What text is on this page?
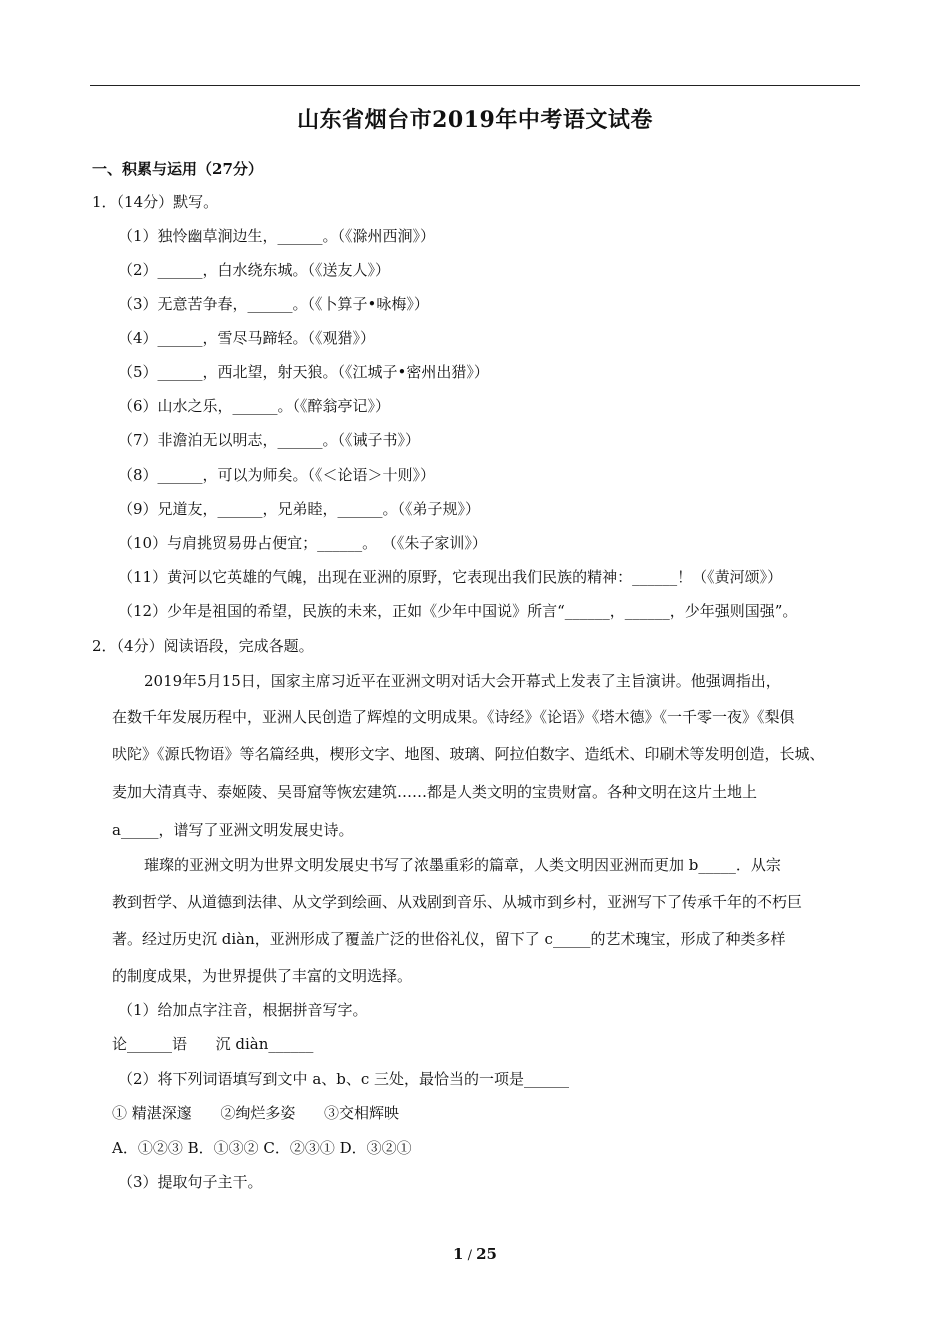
山东省烟台市2019年中考语文试卷
一、积累与运用（27分）
1．（14分）默写。
（1）独怜幽草涧边生，______。（《滁州西涧》）
（2）______，白水绕东城。（《送友人》）
（3）无意苦争春，______。（《卜算子•咏梅》）
（4）______，雪尽马蹄轻。（《观猎》）
（5）______，西北望，射天狼。（《江城子•密州出猎》）
（6）山水之乐，______。（《醉翁亭记》）
（7）非澹泊无以明志，______。（《诫子书》）
（8）______，可以为师矣。（《＜论语＞十则》）
（9）兄道友，______，兄弟睦，______。（《弟子规》）
（10）与肩挑贸易毋占便宜；______。 （《朱子家训》）
（11）黄河以它英雄的气魄，出现在亚洲的原野，它表现出我们民族的精神：______！（《黄河颂》）
（12）少年是祖国的希望，民族的未来，正如《少年中国说》所言“______，______，少年强则国强”。
2．（4分）阅读语段，完成各题。
2019年5月15日，国家主席习近平在亚洲文明对话大会开幕式上发表了主旨演讲。他强调指出，
在数千年发展历程中，亚洲人民创造了辉煌的文明成果。《诗经》《论语》《塔木德》《一千零一夜》《梨俱
吠陀》《源氏物语》等名篇经典，楔形文字、地图、玻璃、阿拉伯数字、造纸术、印刷术等发明创造，长城、
麦加大清真寺、泰姬陵、吴哥窟等恢宏建筑……都是人类文明的宝贵财富。各种文明在这片土地上
a_____，谱写了亚洲文明发展史诗。
璀璨的亚洲文明为世界文明发展史书写了浓墨重彩的篇章，人类文明因亚洲而更加 b_____．从宗
教到哲学、从道德到法律、从文学到绘画、从戏剧到音乐、从城市到乡村，亚洲写下了传承千年的不朽巨
著。经过历史沉 diàn，亚洲形成了覆盖广泛的世俗礼仪，留下了 c_____的艺术瑰宝，形成了种类多样
的制度成果，为世界提供了丰富的文明选择。
（1）给加点字注音，根据拼音写字。
论______语      沉 diàn______
（2）将下列词语填写到文中 a、b、c 三处，最恰当的一项是______
① 精湛深邃      ②绚烂多姿      ③交相辉映
A．①②③ B．①③② C．②③① D．③②①
（3）提取句子主干。
1 / 25
